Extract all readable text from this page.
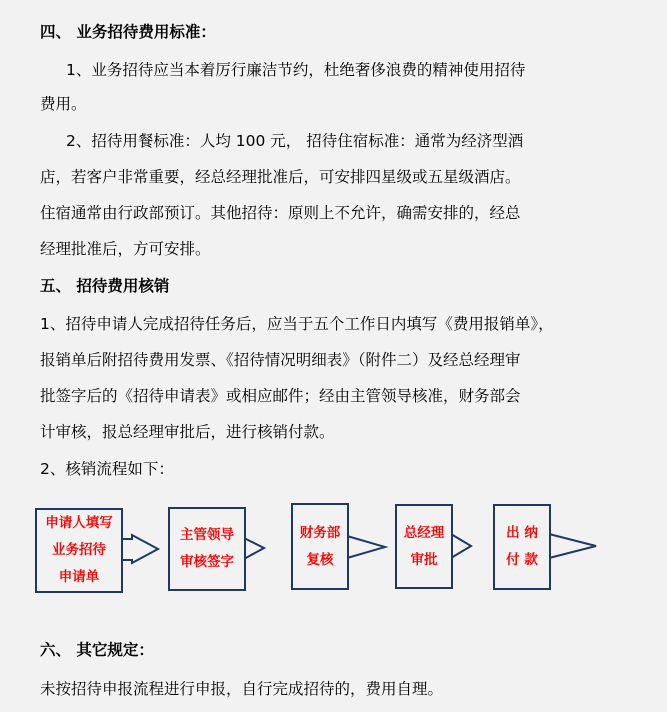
四、 业务招待费用标准：
1、业务招待应当本着厉行廉洁节约，杜绝奢侈浪费的精神使用招待
费用。
2、招待用餐标准：人均 100 元， 招待住宿标准：通常为经济型酒
店，若客户非常重要，经总经理批准后，可安排四星级或五星级酒店。
住宿通常由行政部预订。其他招待：原则上不允许，确需安排的，经总
经理批准后，方可安排。
五、 招待费用核销
1、招待申请人完成招待任务后，应当于五个工作日内填写《费用报销单》，
报销单后附招待费用发票、《招待情况明细表》（附件二）及经总经理审
批签字后的《招待申请表》或相应邮件；经由主管领导核准，财务部会
计审核，报总经理审批后，进行核销付款。
2、核销流程如下：
申请人填写
业务招待
申请单
主管领导
审核签字
财务部
复核
总经理
审批
出 纳
付 款
六、 其它规定：
未按招待申报流程进行申报，自行完成招待的，费用自理。
